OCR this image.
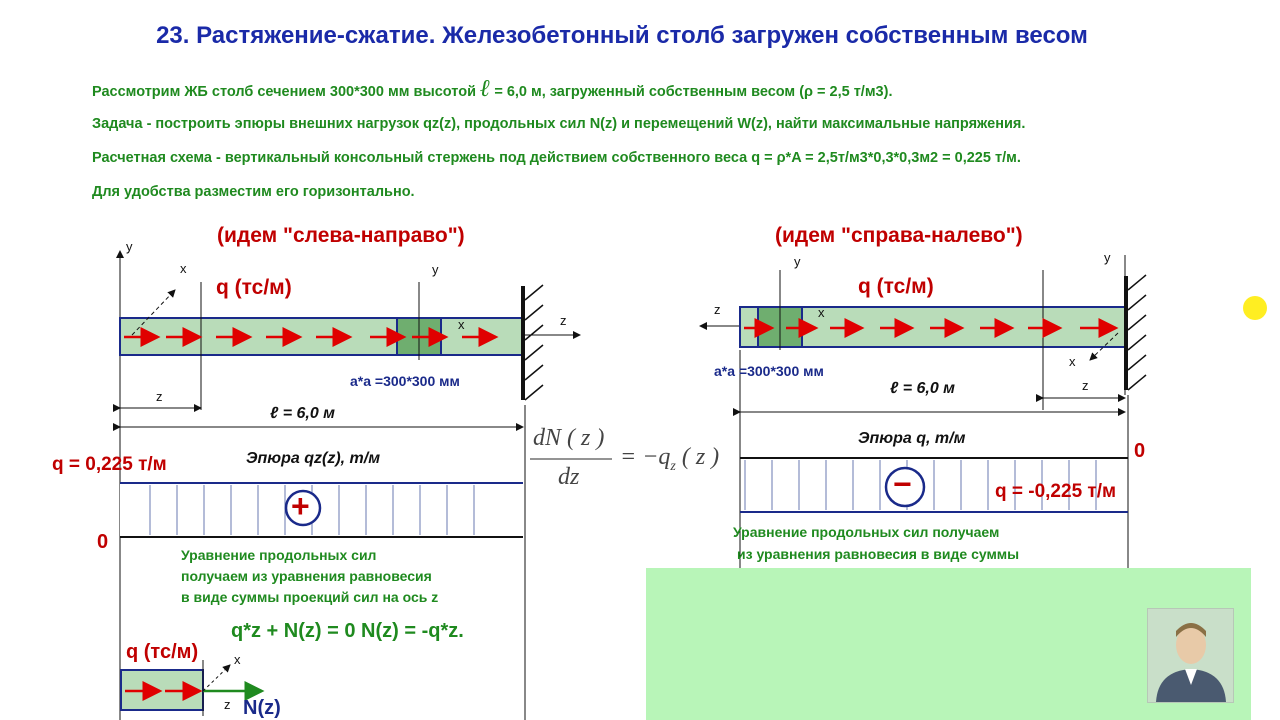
23. Растяжение-сжатие. Железобетонный столб загружен собственным весом
Рассмотрим ЖБ столб сечением 300*300 мм высотой ℓ = 6,0 м, загруженный собственным весом (ρ = 2,5 т/м3).
Задача - построить эпюры внешних нагрузок qz(z), продольных сил N(z) и перемещений W(z), найти максимальные напряжения.
Расчетная схема - вертикальный консольный стержень под действием собственного веса q = ρ*A = 2,5т/м3*0,3*0,3м2 = 0,225 т/м.
Для удобства разместим его горизонтально.
(идем "слева-направо")
q (тс/м)
y
x	y
x	z
a*a =300*300 мм
z
ℓ = 6,0 м
q = 0,225 т/м	Эпюра qz(z), т/м
0
+
Уравнение продольных сил
получаем из уравнения равновесия
в виде суммы проекций сил на ось z
q*z + N(z) = 0 N(z) = -q*z.
q (тс/м)	x
z N(z)
dN ( z )
dz
= $-q_z$ ( z )
(идем "справа-налево")
q (тс/м)
y	y
z	x
x
z
a*a =300*300 мм
ℓ = 6,0 м
Эпюра q, т/м
0
−	q = -0,225 т/м
Уравнение продольных сил получаем
из уравнения равновесия в виде суммы
